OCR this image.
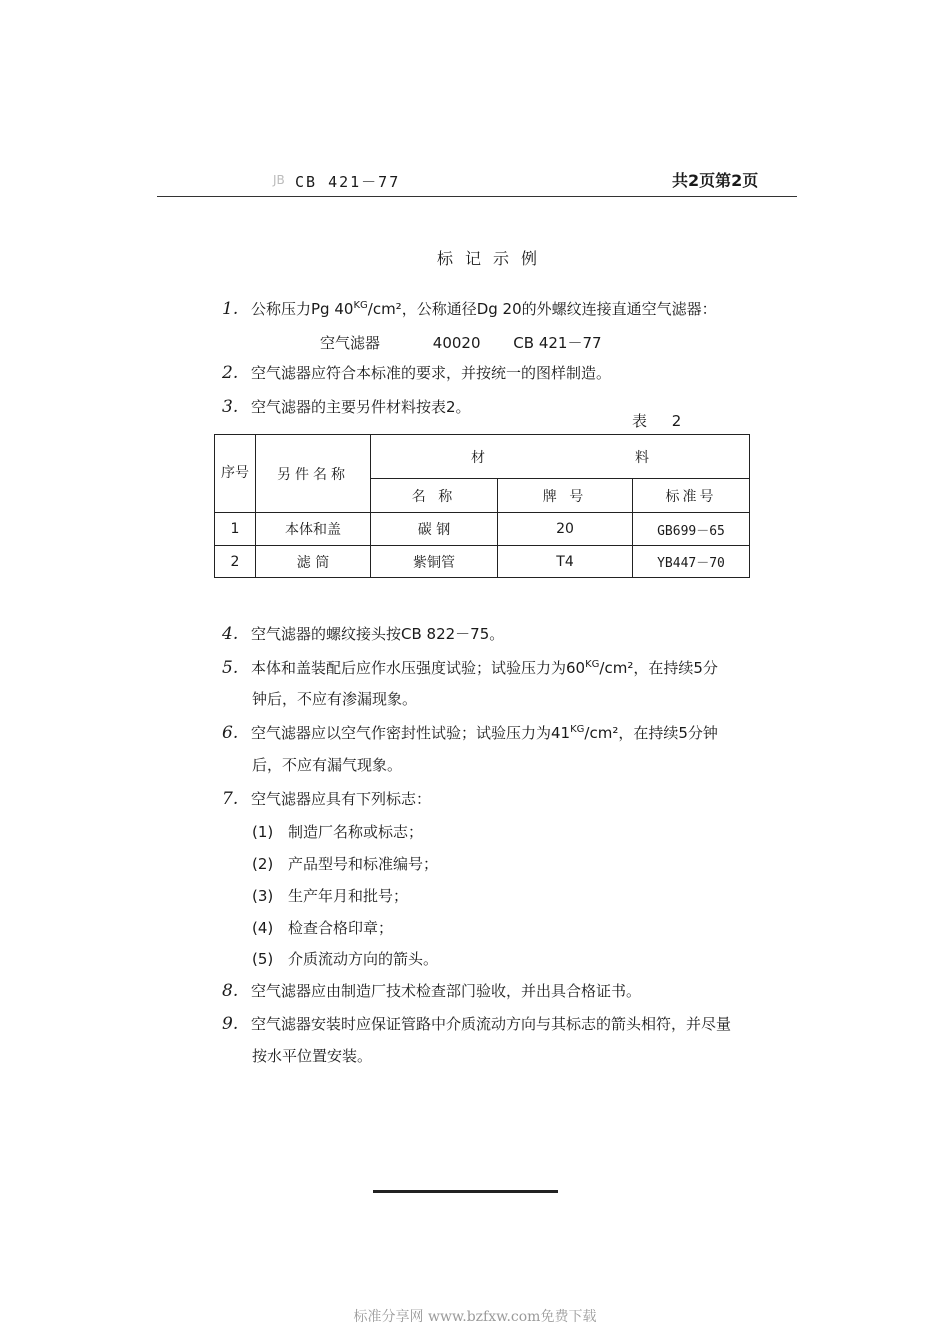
JB CB 421－77	共2页第2页
标记示例
1. 公称压力Pg $40^{KG}$/cm²，公称通径Dg 20的外螺纹连接直通空气滤器：
空气滤器	40020 CB 421－77
2. 空气滤器应符合本标准的要求，并按统一的图样制造。
3. 空气滤器的主要另件材料按表2。
表 2
序号	另件名称	材 料		
		名 称	牌 号	标准号
1	本体和盖	碳 钢	20	GB699－65
2	滤 筒	紫铜管	T4	YB447－70
4. 空气滤器的螺纹接头按CB 822－75。
5. 本体和盖装配后应作水压强度试验；试验压力为$60^{KG}$/cm²，在持续5分
钟后，不应有渗漏现象。
6. 空气滤器应以空气作密封性试验；试验压力为$41^{KG}$/cm²，在持续5分钟
后，不应有漏气现象。
7. 空气滤器应具有下列标志：
(1) 制造厂名称或标志；
(2) 产品型号和标准编号；
(3) 生产年月和批号；
(4) 检查合格印章；
(5) 介质流动方向的箭头。
8. 空气滤器应由制造厂技术检查部门验收，并出具合格证书。
9. 空气滤器安装时应保证管路中介质流动方向与其标志的箭头相符，并尽量
按水平位置安装。
标准分享网 www.bzfxw.com免费下载
